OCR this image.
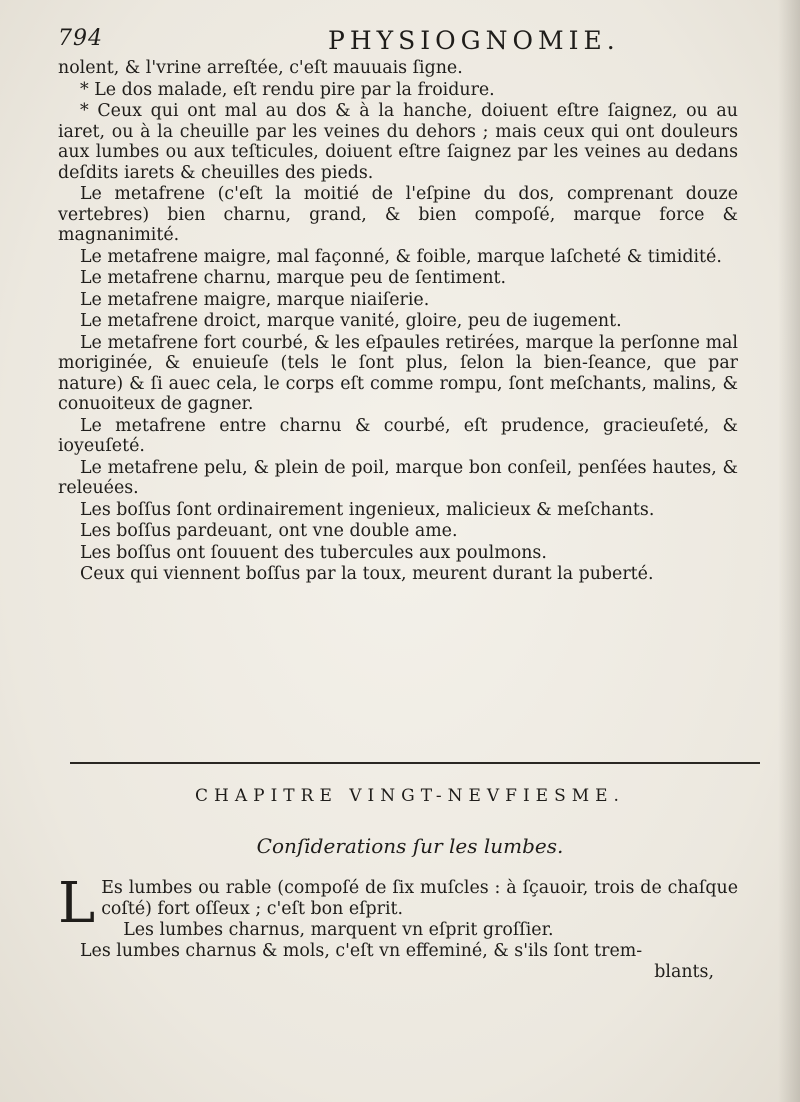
794	PHYSIOGNOMIE.

nolent, & l'vrine arreſtée, c'eſt mauuais ſigne.

* Le dos malade, eſt rendu pire par la froidure.

* Ceux qui ont mal au dos & à la hanche, doiuent eſtre ſaignez, ou au iaret, ou à la cheuille par les veines du dehors ; mais ceux qui ont douleurs aux lumbes ou aux teſticules, doiuent eſtre ſaignez par les veines au dedans deſdits iarets & cheuilles des pieds.

Le metafrene (c'eſt la moitié de l'eſpine du dos, comprenant douze vertebres) bien charnu, grand, & bien compoſé, marque force & magnanimité.

Le metafrene maigre, mal façonné, & foible, marque laſcheté & timidité.

Le metafrene charnu, marque peu de ſentiment.

Le metafrene maigre, marque niaiſerie.

Le metafrene droict, marque vanité, gloire, peu de iugement.

Le metafrene fort courbé, & les eſpaules retirées, marque la perſonne mal moriginée, & enuieuſe (tels le ſont plus, ſelon la bien-ſeance, que par nature) & ſi auec cela, le corps eſt comme rompu, ſont meſchants, malins, & conuoiteux de gagner.

Le metafrene entre charnu & courbé, eſt prudence, gracieuſeté, & ioyeuſeté.

Le metafrene pelu, & plein de poil, marque bon conſeil, penſées hautes, & releuées.

Les boſſus ſont ordinairement ingenieux, malicieux & meſchants.

Les boſſus pardeuant, ont vne double ame.

Les boſſus ont ſouuent des tubercules aux poulmons.

Ceux qui viennent boſſus par la toux, meurent durant la puberté.

CHAPITRE VINGT-NEVFIESME.
Conſiderations ſur les lumbes.

L Es lumbes ou rable (compoſé de ſix muſcles : à ſçauoir, trois de chaſque coſté) fort oſſeux ; c'eſt bon eſprit.

Les lumbes charnus, marquent vn eſprit groſſier.

Les lumbes charnus & mols, c'eſt vn effeminé, & s'ils ſont trem-

blants,
